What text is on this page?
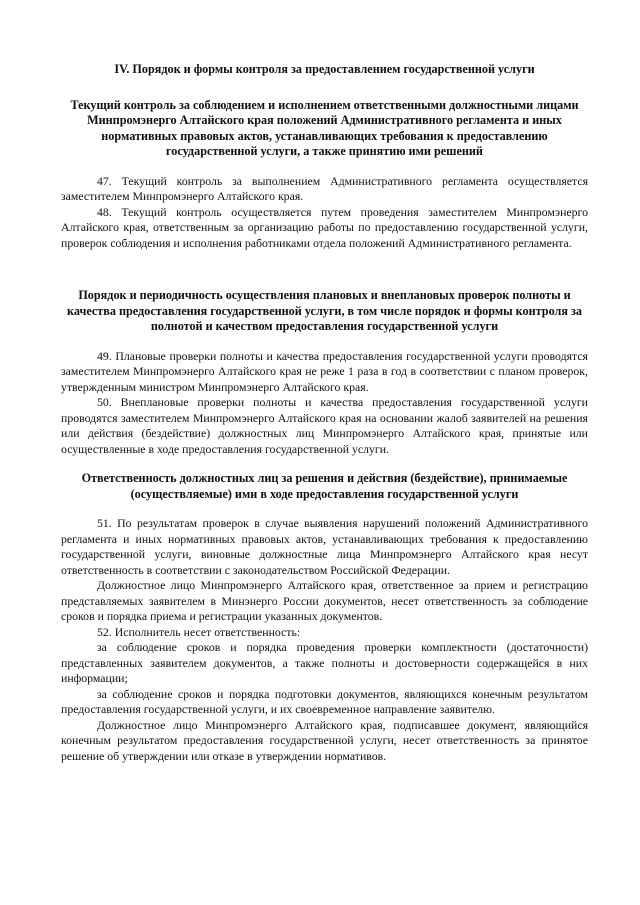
IV. Порядок и формы контроля за предоставлением государственной услуги
Текущий контроль за соблюдением и исполнением ответственными должностными лицами Минпромэнерго Алтайского края положений Административного регламента и иных нормативных правовых актов, устанавливающих требования к предоставлению государственной услуги, а также принятию ими решений

47. Текущий контроль за выполнением Административного регламента осуществляется заместителем Минпромэнерго Алтайского края.

48. Текущий контроль осуществляется путем проведения заместителем Минпромэнерго Алтайского края, ответственным за организацию работы по предоставлению государственной услуги, проверок соблюдения и исполнения работниками отдела положений Административного регламента.

Порядок и периодичность осуществления плановых и внеплановых проверок полноты и качества предоставления государственной услуги, в том числе порядок и формы контроля за полнотой и качеством предоставления государственной услуги

49. Плановые проверки полноты и качества предоставления государственной услуги проводятся заместителем Минпромэнерго Алтайского края не реже 1 раза в год в соответствии с планом проверок, утвержденным министром Минпромэнерго Алтайского края.

50. Внеплановые проверки полноты и качества предоставления государственной услуги проводятся заместителем Минпромэнерго Алтайского края на основании жалоб заявителей на решения или действия (бездействие) должностных лиц Минпромэнерго Алтайского края, принятые или осуществленные в ходе предоставления государственной услуги.

Ответственность должностных лиц за решения и действия (бездействие), принимаемые (осуществляемые) ими в ходе предоставления государственной услуги

51. По результатам проверок в случае выявления нарушений положений Административного регламента и иных нормативных правовых актов, устанавливающих требования к предоставлению государственной услуги, виновные должностные лица Минпромэнерго Алтайского края несут ответственность в соответствии с законодательством Российской Федерации.

Должностное лицо Минпромэнерго Алтайского края, ответственное за прием и регистрацию представляемых заявителем в Минэнерго России документов, несет ответственность за соблюдение сроков и порядка приема и регистрации указанных документов.

52. Исполнитель несет ответственность:

за соблюдение сроков и порядка проведения проверки комплектности (достаточности) представленных заявителем документов, а также полноты и достоверности содержащейся в них информации;

за соблюдение сроков и порядка подготовки документов, являющихся конечным результатом предоставления государственной услуги, и их своевременное направление заявителю.

Должностное лицо Минпромэнерго Алтайского края, подписавшее документ, являющийся конечным результатом предоставления государственной услуги, несет ответственность за принятое решение об утверждении или отказе в утверждении нормативов.
